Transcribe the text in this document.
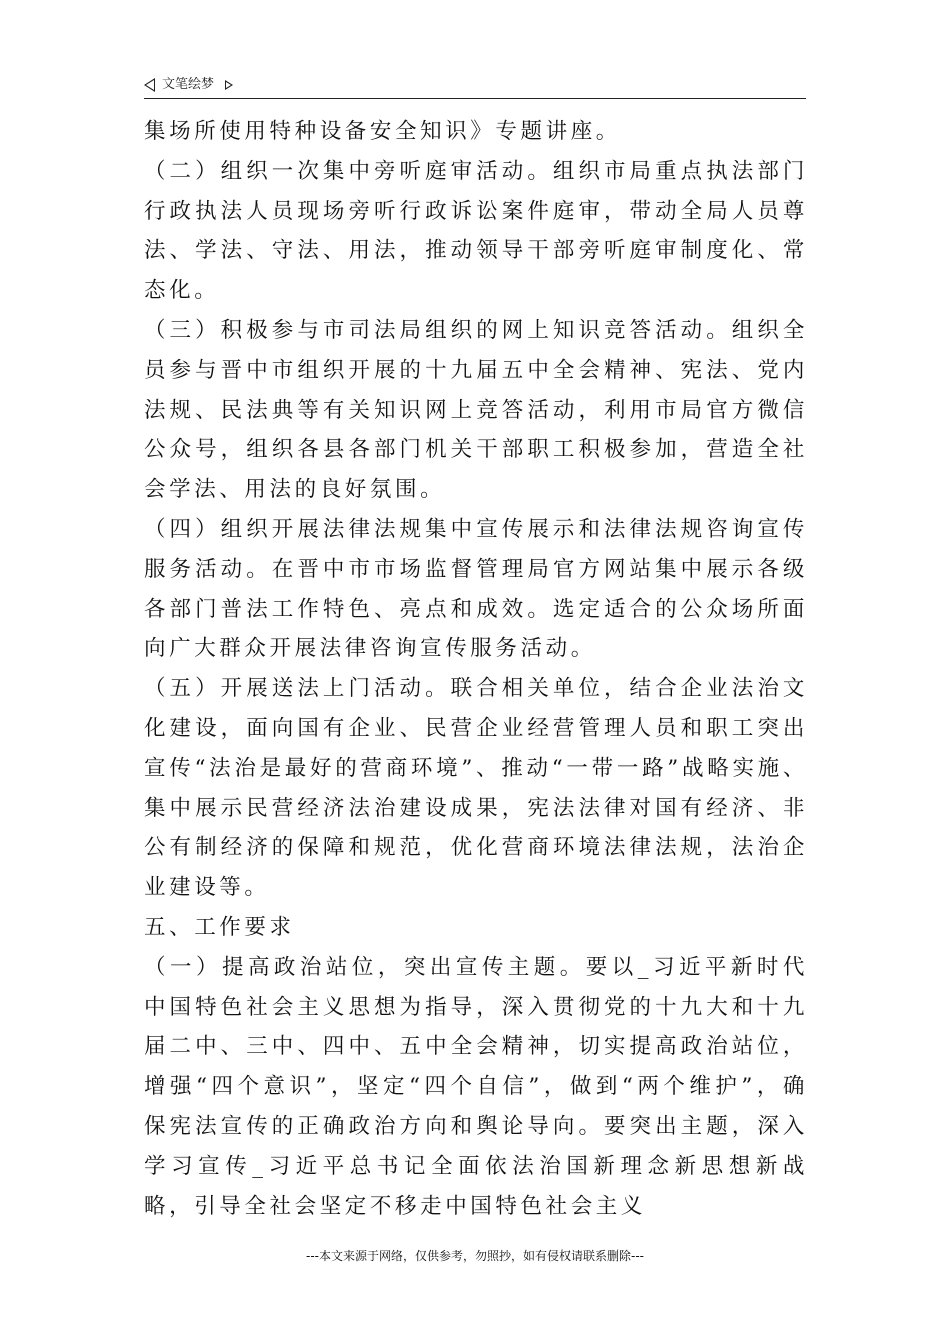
文笔绘梦

集场所使用特种设备安全知识》专题讲座。

（二）组织一次集中旁听庭审活动。组织市局重点执法部门行政执法人员现场旁听行政诉讼案件庭审，带动全局人员尊法、学法、守法、用法，推动领导干部旁听庭审制度化、常态化。

（三）积极参与市司法局组织的网上知识竞答活动。组织全员参与晋中市组织开展的十九届五中全会精神、宪法、党内法规、民法典等有关知识网上竞答活动，利用市局官方微信公众号，组织各县各部门机关干部职工积极参加，营造全社会学法、用法的良好氛围。

（四）组织开展法律法规集中宣传展示和法律法规咨询宣传服务活动。在晋中市市场监督管理局官方网站集中展示各级各部门普法工作特色、亮点和成效。选定适合的公众场所面向广大群众开展法律咨询宣传服务活动。

（五）开展送法上门活动。联合相关单位，结合企业法治文化建设，面向国有企业、民营企业经营管理人员和职工突出宣传“法治是最好的营商环境”、推动“一带一路”战略实施、集中展示民营经济法治建设成果，宪法法律对国有经济、非公有制经济的保障和规范，优化营商环境法律法规，法治企业建设等。

五、工作要求

（一）提高政治站位，突出宣传主题。要以_习近平新时代中国特色社会主义思想为指导，深入贯彻党的十九大和十九届二中、三中、四中、五中全会精神，切实提高政治站位，增强“四个意识”，坚定“四个自信”，做到“两个维护”，确保宪法宣传的正确政治方向和舆论导向。要突出主题，深入学习宣传_习近平总书记全面依法治国新理念新思想新战略，引导全社会坚定不移走中国特色社会主义

---本文来源于网络，仅供参考，勿照抄，如有侵权请联系删除---
